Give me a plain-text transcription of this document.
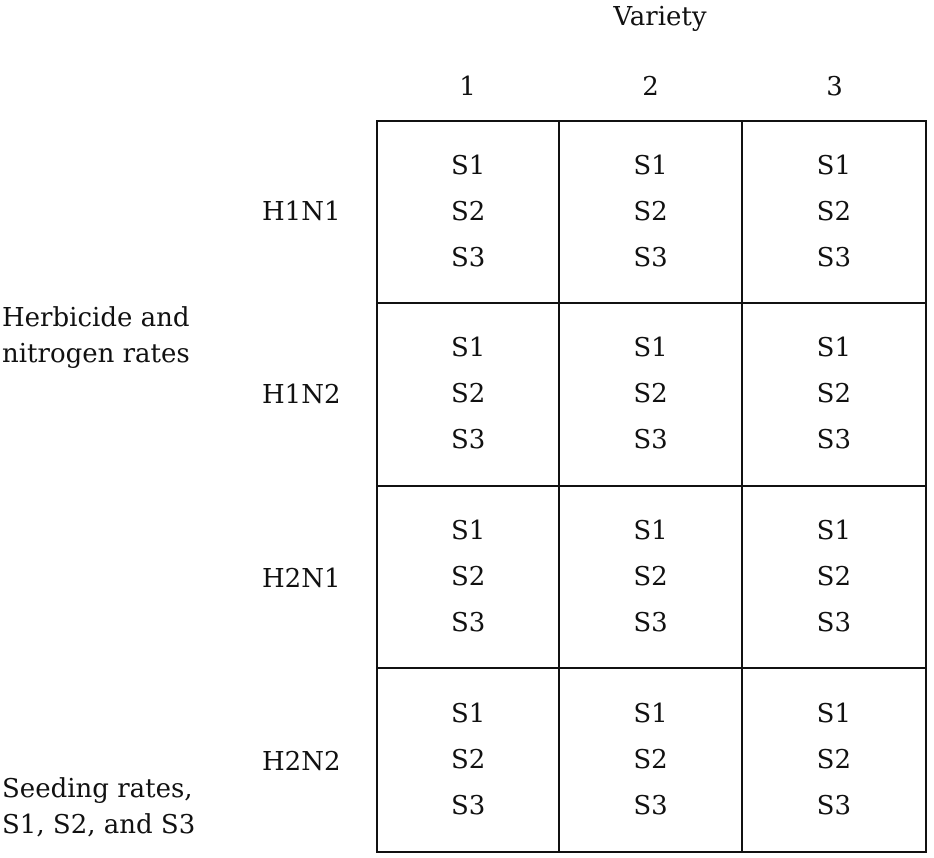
Variety
1	2	3
H1N1
H1N2
H2N1
H2N2
Herbicide and
nitrogen rates
Seeding rates,
S1, S2, and S3
S1
S2
S3
S1
S2
S3
S1
S2
S3
S1
S2
S3
S1
S2
S3
S1
S2
S3
S1
S2
S3
S1
S2
S3
S1
S2
S3
S1
S2
S3
S1
S2
S3
S1
S2
S3
